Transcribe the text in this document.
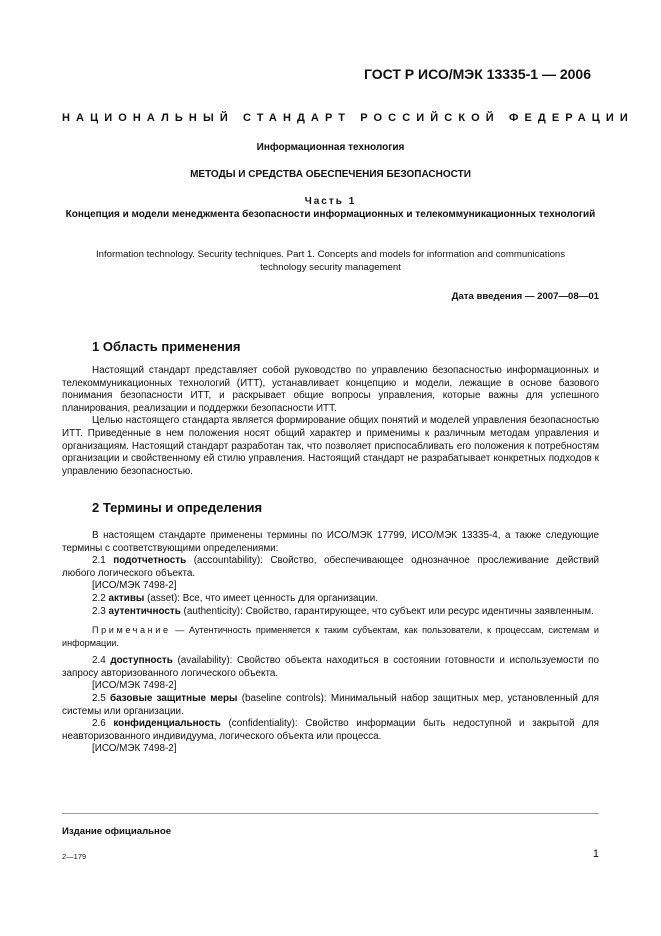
ГОСТ Р ИСО/МЭК 13335-1 — 2006
НАЦИОНАЛЬНЫЙ СТАНДАРТ РОССИЙСКОЙ ФЕДЕРАЦИИ
Информационная технология
МЕТОДЫ И СРЕДСТВА ОБЕСПЕЧЕНИЯ БЕЗОПАСНОСТИ
Часть 1
Концепция и модели менеджмента безопасности информационных и телекоммуникационных технологий
Information technology. Security techniques. Part 1. Concepts and models for information and communications technology security management
Дата введения — 2007—08—01
1 Область применения

Настоящий стандарт представляет собой руководство по управлению безопасностью информационных и телекоммуникационных технологий (ИТТ), устанавливает концепцию и модели, лежащие в основе базового понимания безопасности ИТТ, и раскрывает общие вопросы управления, которые важны для успешного планирования, реализации и поддержки безопасности ИТТ.

Целью настоящего стандарта является формирование общих понятий и моделей управления безопасностью ИТТ. Приведенные в нем положения носят общий характер и применимы к различным методам управления и организациям. Настоящий стандарт разработан так, что позволяет приспосабливать его положения к потребностям организации и свойственному ей стилю управления. Настоящий стандарт не разрабатывает конкретных подходов к управлению безопасностью.

2 Термины и определения

В настоящем стандарте применены термины по ИСО/МЭК 17799, ИСО/МЭК 13335-4, а также следующие термины с соответствующими определениями:

2.1 подотчетность (accountability): Свойство, обеспечивающее однозначное прослеживание действий любого логического объекта.

[ИСО/МЭК 7498-2]

2.2 активы (asset): Все, что имеет ценность для организации.

2.3 аутентичность (authenticity): Свойство, гарантирующее, что субъект или ресурс идентичны заявленным.

Примечание — Аутентичность применяется к таким субъектам, как пользователи, к процессам, системам и информации.

2.4 доступность (availability): Свойство объекта находиться в состоянии готовности и используемости по запросу авторизованного логического объекта.

[ИСО/МЭК 7498-2]

2.5 базовые защитные меры (baseline controls): Минимальный набор защитных мер, установленный для системы или организации.

2.6 конфиденциальность (confidentiality): Свойство информации быть недоступной и закрытой для неавторизованного индивидуума, логического объекта или процесса.

[ИСО/МЭК 7498-2]

Издание официальное
2—179	1
